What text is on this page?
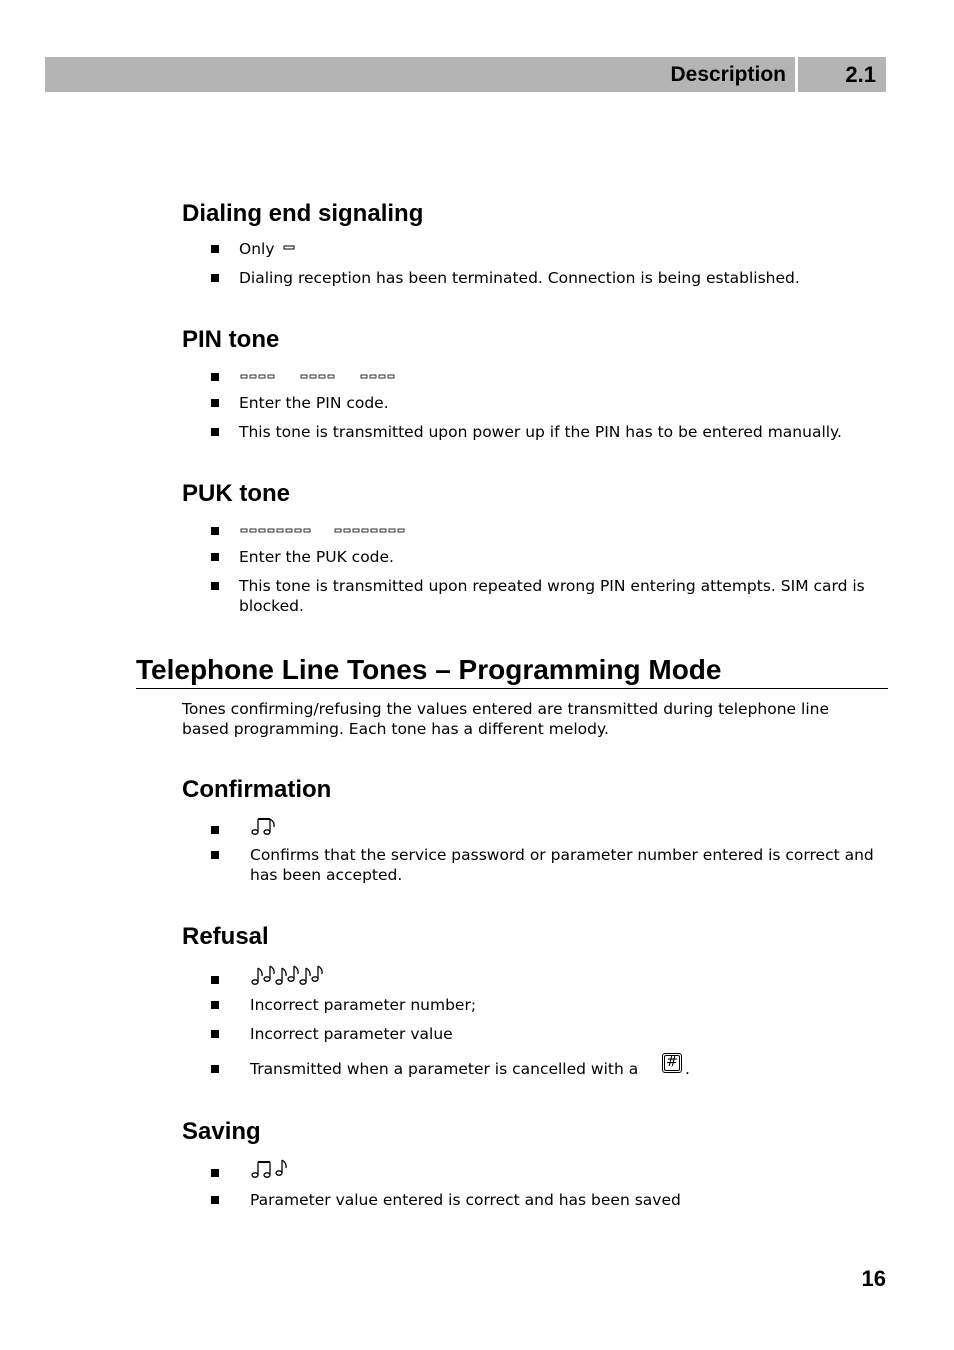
Description	2.1
Dialing end signaling

Only

Dialing reception has been terminated. Connection is being established.

PIN tone

Enter the PIN code.

This tone is transmitted upon power up if the PIN has to be entered manually.

PUK tone

Enter the PUK code.

This tone is transmitted upon repeated wrong PIN entering attempts. SIM card is blocked.

Telephone Line Tones – Programming Mode

Tones confirming/refusing the values entered are transmitted during telephone line based programming. Each tone has a different melody.

Confirmation

Confirms that the service password or parameter number entered is correct and has been accepted.

Refusal

Incorrect parameter number;

Incorrect parameter value

Transmitted when a parameter is cancelled with a # .

Saving

Parameter value entered is correct and has been saved

16
